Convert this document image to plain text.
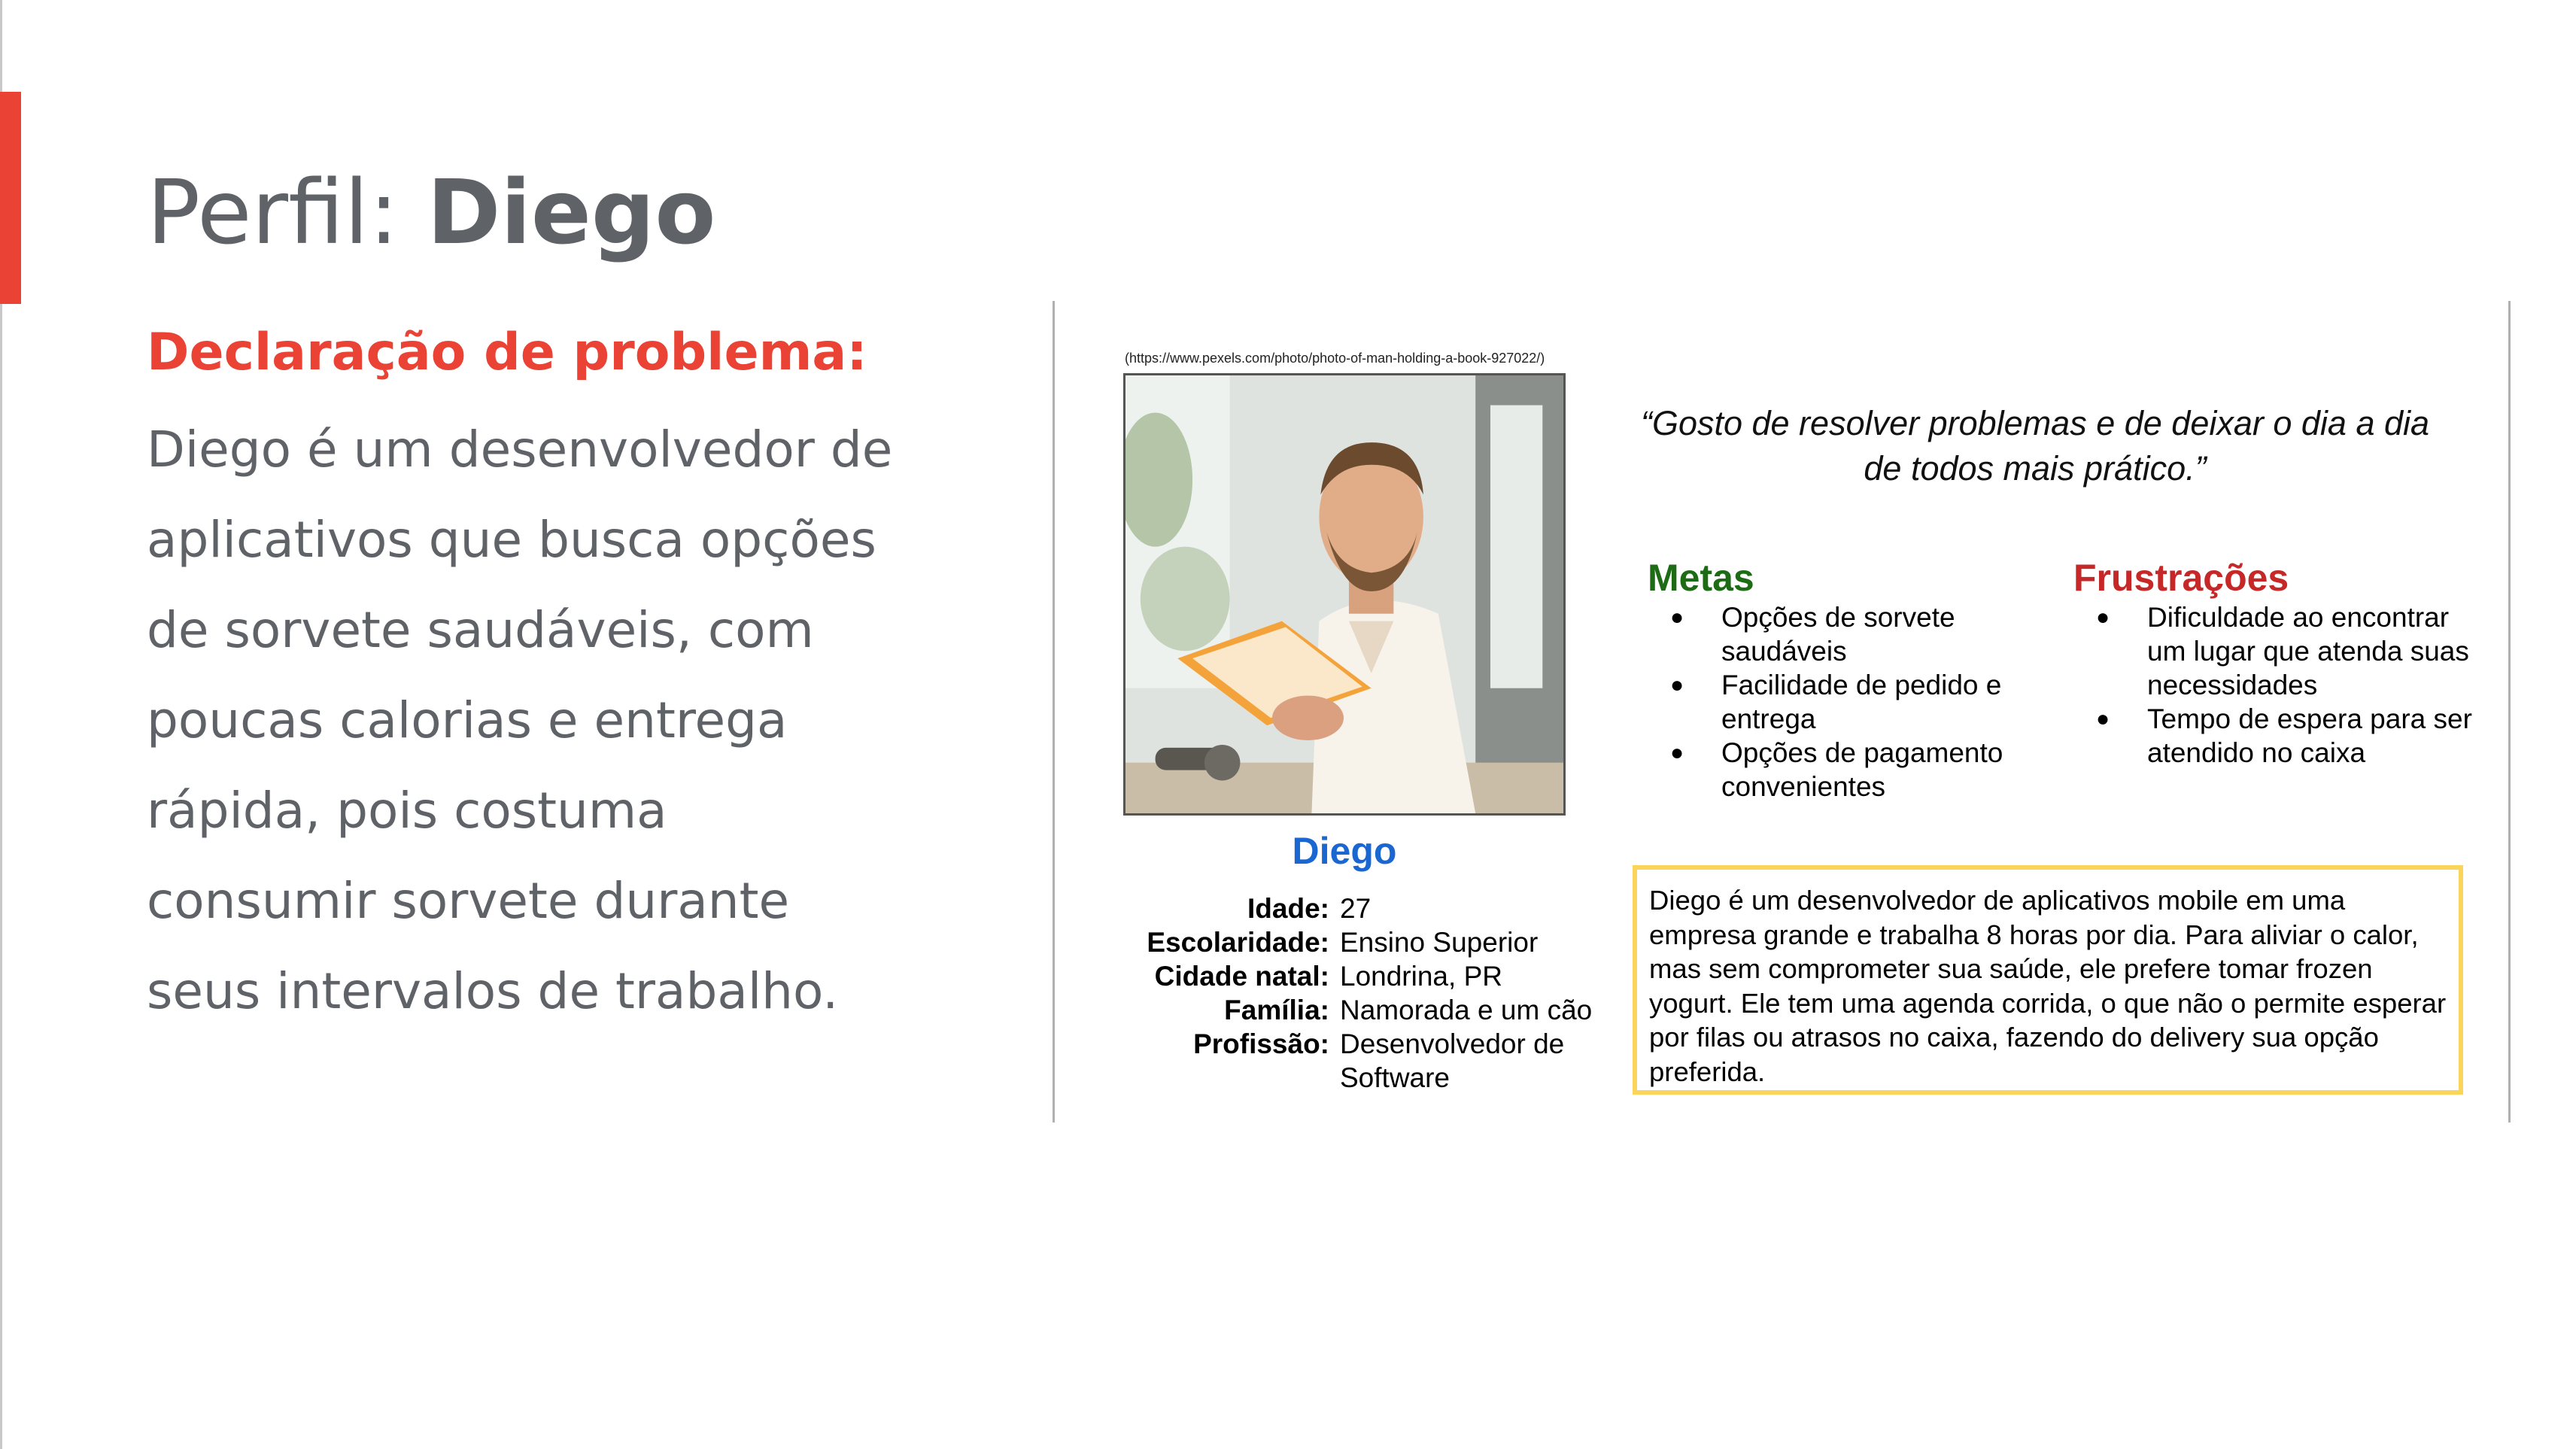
Perfil: Diego
Declaração de problema:

Diego é um desenvolvedor de aplicativos que busca opções de sorvete saudáveis, com poucas calorias e entrega rápida, pois costuma consumir sorvete durante seus intervalos de trabalho.

(https://www.pexels.com/photo/photo-of-man-holding-a-book-927022/)
Diego
Idade: 27
Escolaridade: Ensino Superior
Cidade natal: Londrina, PR
Família: Namorada e um cão
Profissão: Desenvolvedor de Software
“Gosto de resolver problemas e de deixar o dia a dia de todos mais prático.”
Metas
● Opções de sorvete saudáveis
● Facilidade de pedido e entrega
● Opções de pagamento convenientes
Frustrações
● Dificuldade ao encontrar um lugar que atenda suas necessidades
● Tempo de espera para ser atendido no caixa
Diego é um desenvolvedor de aplicativos mobile em uma empresa grande e trabalha 8 horas por dia. Para aliviar o calor, mas sem comprometer sua saúde, ele prefere tomar frozen yogurt. Ele tem uma agenda corrida, o que não o permite esperar por filas ou atrasos no caixa, fazendo do delivery sua opção preferida.
